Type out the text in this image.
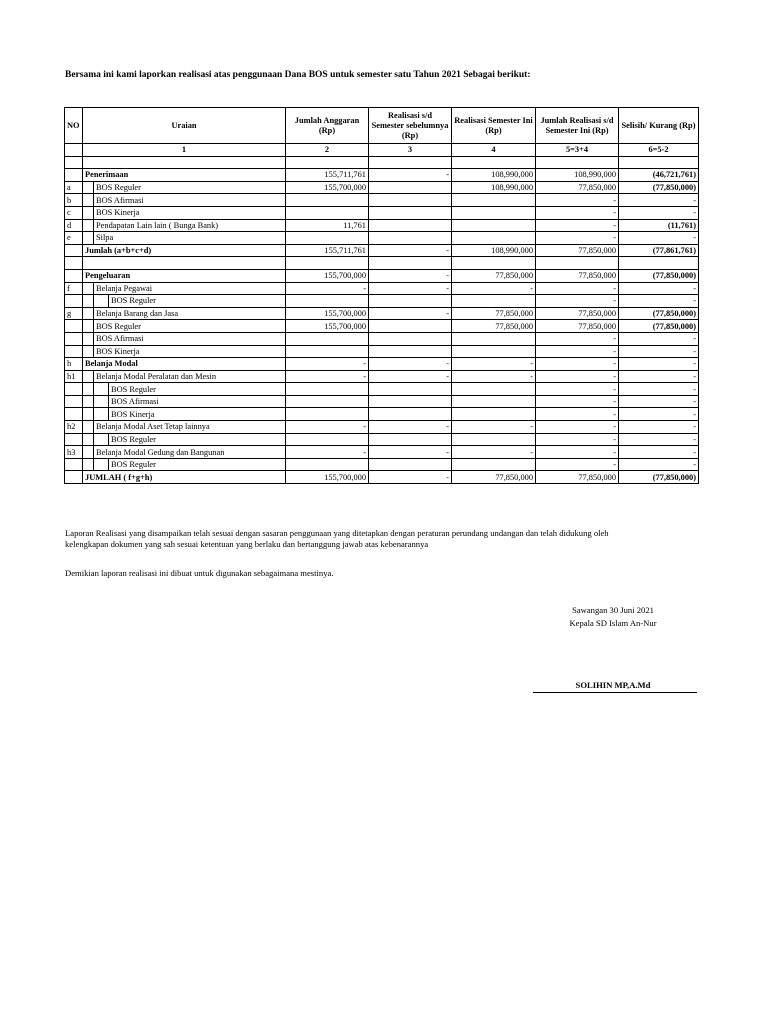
Bersama ini kami laporkan realisasi atas penggunaan Dana BOS untuk semester satu Tahun 2021 Sebagai berikut:
NO	Uraian			Jumlah Anggaran (Rp)	Realisasi s/d Semester sebelumnya (Rp)	Realisasi Semester Ini (Rp)	Jumlah Realisasi s/d Semester Ini (Rp)	Selisih/ Kurang (Rp)
	1			2	3	4	5=3+4	6=5-2

	Penerimaan			155,711,761	-	108,990,000	108,990,000	(46,721,761)
a		BOS Reguler		155,700,000		108,990,000	77,850,000	(77,850,000)
b		BOS Afirmasi					-	-
c		BOS Kinerja					-	-
d		Pendapatan Lain lain ( Bunga Bank)		11,761			-	(11,761)
e		Silpa					-	-
	Jumlah (a+b+c+d)			155,711,761	-	108,990,000	77,850,000	(77,861,761)

	Pengeluaran			155,700,000	-	77,850,000	77,850,000	(77,850,000)
f		Belanja Pegawai		-	-	-	-	-
			BOS Reguler				-	-
g		Belanja Barang dan Jasa		155,700,000	-	77,850,000	77,850,000	(77,850,000)
		BOS Reguler		155,700,000		77,850,000	77,850,000	(77,850,000)
		BOS Afirmasi					-	-
		BOS Kinerja					-	-
h	Belanja Modal			-	-	-	-	-
h1		Belanja Modal Peralatan dan Mesin		-	-	-	-	-
			BOS Reguler				-	-
			BOS Afirmasi				-	-
			BOS Kinerja				-	-
h2		Belanja Modal Aset Tetap lainnya		-	-	-	-	-
			BOS Reguler				-	-
h3		Belanja Modal Gedung dan Bangunan		-	-	-	-	-
			BOS Reguler				-	-
	JUMLAH ( f+g+h)			155,700,000	-	77,850,000	77,850,000	(77,850,000)
Laporan Realisasi yang disampaikan telah sesuai dengan sasaran penggunaan yang ditetapkan dengan peraturan perundang undangan dan telah didukung oleh
kelengkapan dokumen yang sah sesuai ketentuan yang berlaku dan bertanggung jawab atas kebenarannya
Demikian laporan realisasi ini dibuat untuk digunakan sebagaimana mestinya.
Sawangan 30 Juni 2021
Kepala SD Islam An-Nur
SOLIHIN MP,A.Md
